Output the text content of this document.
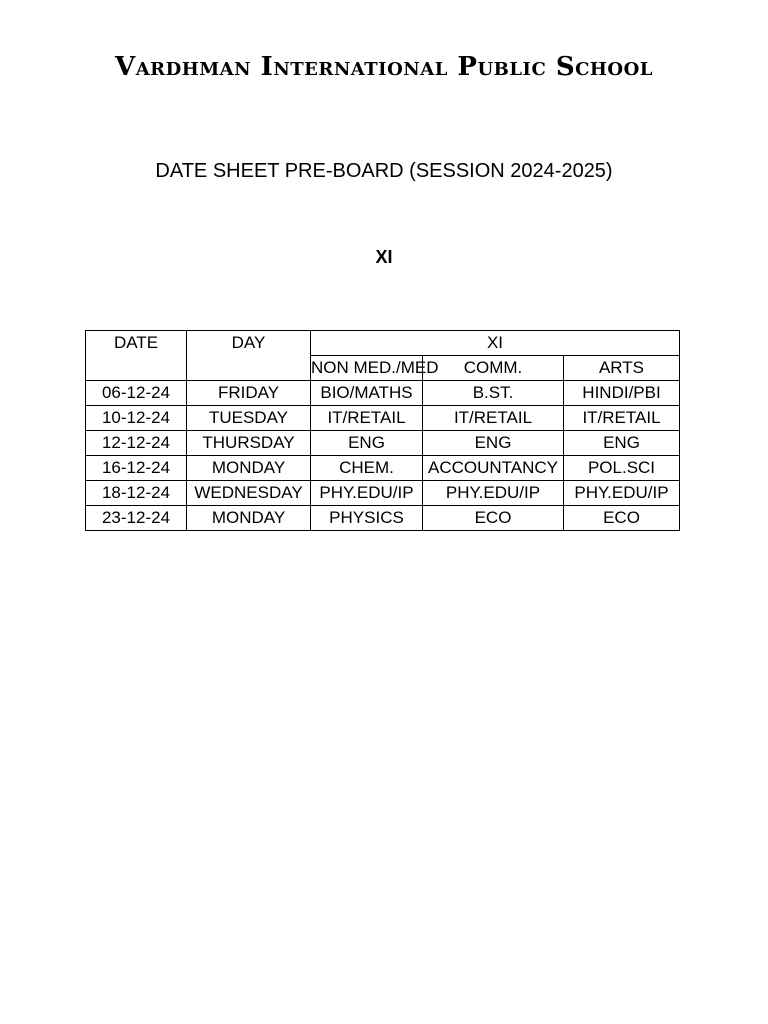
Vardhman International Public School
DATE SHEET PRE-BOARD (SESSION 2024-2025)
XI
DATE	DAY	XI		
		NON MED./MED	COMM.	ARTS
06-12-24	FRIDAY	BIO/MATHS	B.ST.	HINDI/PBI
10-12-24	TUESDAY	IT/RETAIL	IT/RETAIL	IT/RETAIL
12-12-24	THURSDAY	ENG	ENG	ENG
16-12-24	MONDAY	CHEM.	ACCOUNTANCY	POL.SCI
18-12-24	WEDNESDAY	PHY.EDU/IP	PHY.EDU/IP	PHY.EDU/IP
23-12-24	MONDAY	PHYSICS	ECO	ECO
